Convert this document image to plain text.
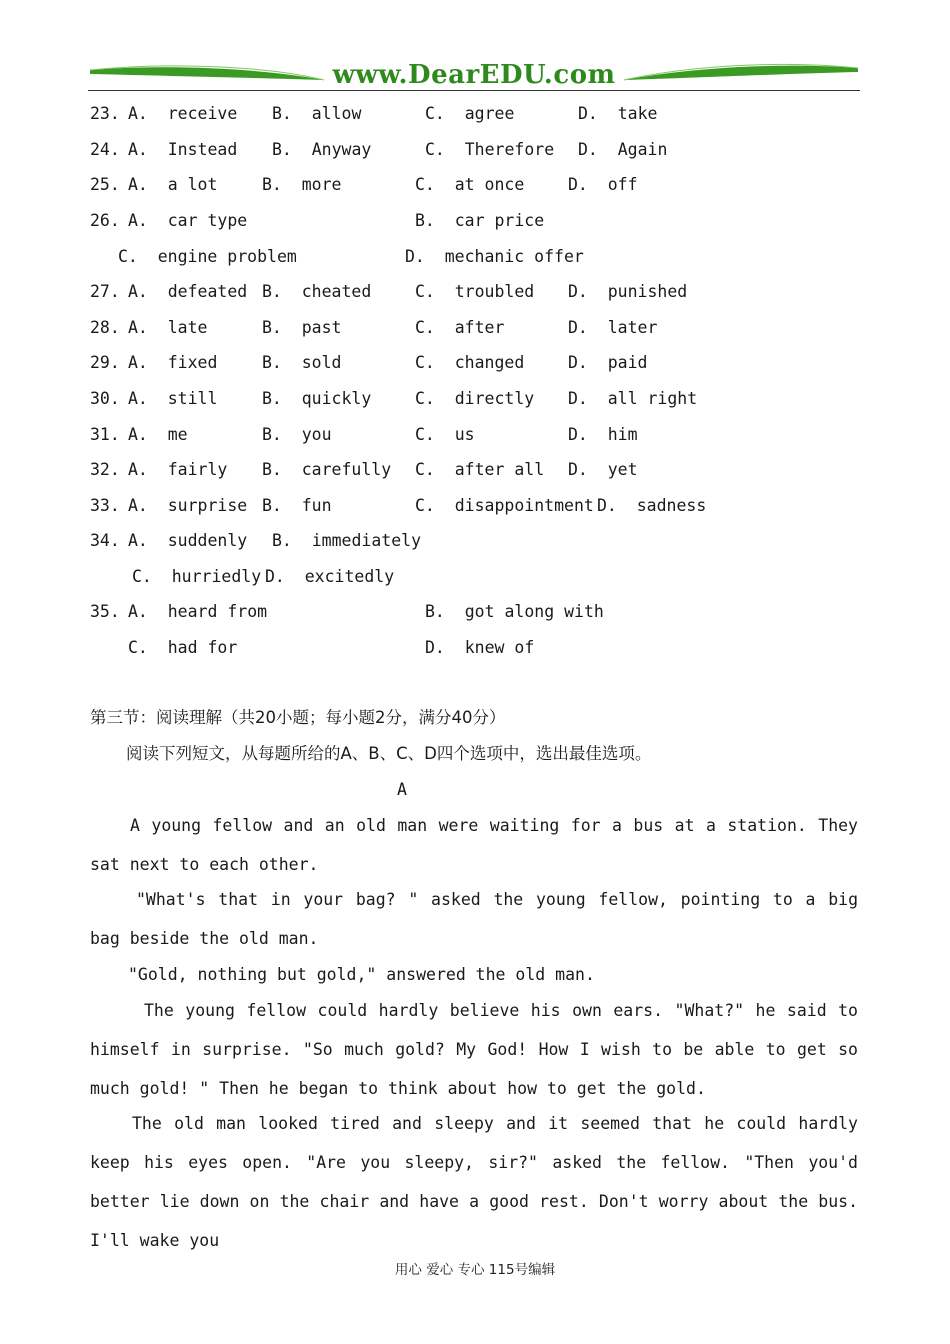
www.DearEDU.com
23. A.  receive B.  allow	C.  agree	D.  take
24. A.  Instead B.  Anyway	C.  Therefore D.  Again
25. A.  a lot	B.  more	C.  at once	D.  off
26. A.  car type	B.  car price
C.  engine problem	D.  mechanic offer
27. A.  defeated B.  cheated	C.  troubled D.  punished
28. A.  late	B.  past	C.  after	D.  later
29. A.  fixed	B.  sold	C.  changed	D.  paid
30. A.  still	B.  quickly	C.  directly D.  all right
31. A.  me	B.  you	C.  us	D.  him
32. A.  fairly B.  carefully C.  after all D.  yet
33. A.  surprise B.  fun	C.  disappointment D.  sadness
34. A.  suddenly B.  immediately
C.  hurriedly D.  excitedly
35. A.  heard from	B.  got along with
C.  had for	D.  knew of
第三节：阅读理解（共20小题；每小题2分，满分40分）
阅读下列短文，从每题所给的A、B、C、D四个选项中，选出最佳选项。
A
A young fellow and an old man were waiting for a bus at a station. They sat next to each other.
"What's that in your bag? " asked the young fellow, pointing to a big bag beside the old man.
"Gold, nothing but gold," answered the old man.
The young fellow could hardly believe his own ears. "What?" he said to himself in surprise. "So much gold? My God! How I wish to be able to get so much gold! " Then he began to think about how to get the gold.
The old man looked tired and sleepy and it seemed that he could hardly keep his eyes open. "Are you sleepy, sir?" asked the fellow. "Then you'd better lie down on the chair and have a good rest. Don't worry about the bus. I'll wake you
用心 爱心 专心 115号编辑
